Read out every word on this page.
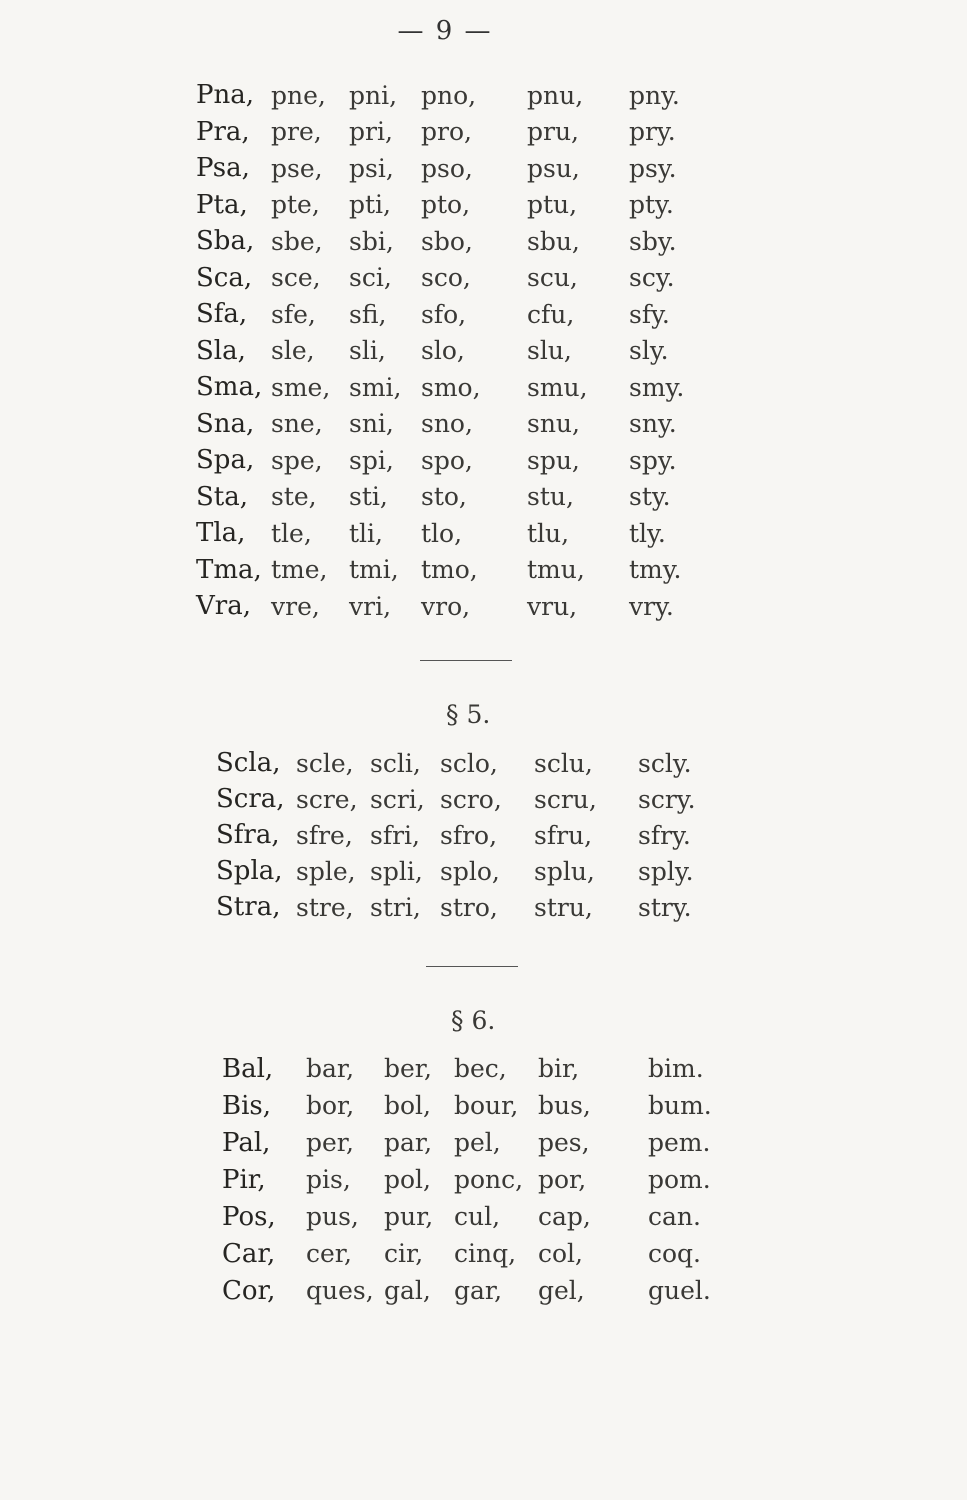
— 9 —
Pna,	pne,	pni,	pno,	pnu,	pny.
Pra,	pre,	pri,	pro,	pru,	pry.
Psa,	pse,	psi,	pso,	psu,	psy.
Pta,	pte,	pti,	pto,	ptu,	pty.
Sba,	sbe,	sbi,	sbo,	sbu,	sby.
Sca,	sce,	sci,	sco,	scu,	scy.
Sfa,	sfe,	sfi,	sfo,	cfu,	sfy.
Sla,	sle,	sli,	slo,	slu,	sly.
Sma,	sme,	smi,	smo,	smu,	smy.
Sna,	sne,	sni,	sno,	snu,	sny.
Spa,	spe,	spi,	spo,	spu,	spy.
Sta,	ste,	sti,	sto,	stu,	sty.
Tla,	tle,	tli,	tlo,	tlu,	tly.
Tma,	tme,	tmi,	tmo,	tmu,	tmy.
Vra,	vre,	vri,	vro,	vru,	vry.
§ 5.
Scla,	scle,	scli,	sclo,	sclu,	scly.
Scra,	scre,	scri,	scro,	scru,	scry.
Sfra,	sfre,	sfri,	sfro,	sfru,	sfry.
Spla,	sple,	spli,	splo,	splu,	sply.
Stra,	stre,	stri,	stro,	stru,	stry.
§ 6.
Bal,	bar,	ber,	bec,	bir,	bim.
Bis,	bor,	bol,	bour,	bus,	bum.
Pal,	per,	par,	pel,	pes,	pem.
Pir,	pis,	pol,	ponc,	por,	pom.
Pos,	pus,	pur,	cul,	cap,	can.
Car,	cer,	cir,	cinq,	col,	coq.
Cor,	ques,	gal,	gar,	gel,	guel.
